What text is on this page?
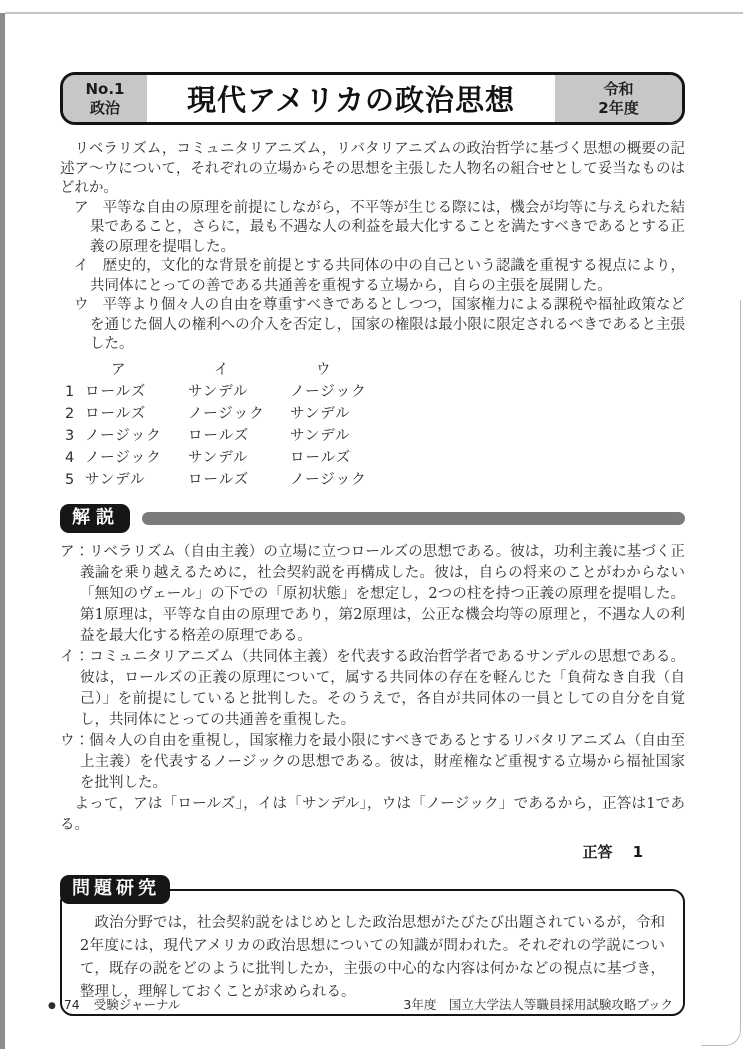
No.1
政治	現代アメリカの政治思想	令和
2年度

リベラリズム，コミュニタリアニズム，リバタリアニズムの政治哲学に基づく思想の概要の記述ア～ウについて，それぞれの立場からその思想を主張した人物名の組合せとして妥当なものはどれか。

ア 平等な自由の原理を前提にしながら，不平等が生じる際には，機会が均等に与えられた結果であること，さらに，最も不遇な人の利益を最大化することを満たすべきであるとする正義の原理を提唱した。
イ 歴史的，文化的な背景を前提とする共同体の中の自己という認識を重視する視点により，共同体にとっての善である共通善を重視する立場から，自らの主張を展開した。
ウ 平等より個々人の自由を尊重すべきであるとしつつ，国家権力による課税や福祉政策などを通じた個人の権利への介入を否定し，国家の権限は最小限に限定されるべきであると主張した。
ア	イ	ウ
1 ロールズ	サンデル	ノージック
2 ロールズ	ノージック	サンデル
3 ノージック	ロールズ	サンデル
4 ノージック	サンデル	ロールズ
5 サンデル	ロールズ	ノージック
解説

ア：リベラリズム（自由主義）の立場に立つロールズの思想である。彼は，功利主義に基づく正義論を乗り越えるために，社会契約説を再構成した。彼は，自らの将来のことがわからない「無知のヴェール」の下での「原初状態」を想定し，2つの柱を持つ正義の原理を提唱した。第1原理は，平等な自由の原理であり，第2原理は，公正な機会均等の原理と，不遇な人の利益を最大化する格差の原理である。

イ：コミュニタリアニズム（共同体主義）を代表する政治哲学者であるサンデルの思想である。彼は，ロールズの正義の原理について，属する共同体の存在を軽んじた「負荷なき自我（自己）」を前提にしていると批判した。そのうえで，各自が共同体の一員としての自分を自覚し，共同体にとっての共通善を重視した。

ウ：個々人の自由を重視し，国家権力を最小限にすべきであるとするリバタリアニズム（自由至上主義）を代表するノージックの思想である。彼は，財産権など重視する立場から福祉国家を批判した。

よって，アは「ロールズ」，イは「サンデル」，ウは「ノージック」であるから，正答は1である。

正答 1
問題研究

政治分野では，社会契約説をはじめとした政治思想がたびたび出題されているが，令和2年度には，現代アメリカの政治思想についての知識が問われた。それぞれの学説について，既存の説をどのように批判したか，主張の中心的な内容は何かなどの視点に基づき，整理し，理解しておくことが求められる。

● 74 受験ジャーナル	3年度　国立大学法人等職員採用試験攻略ブック
